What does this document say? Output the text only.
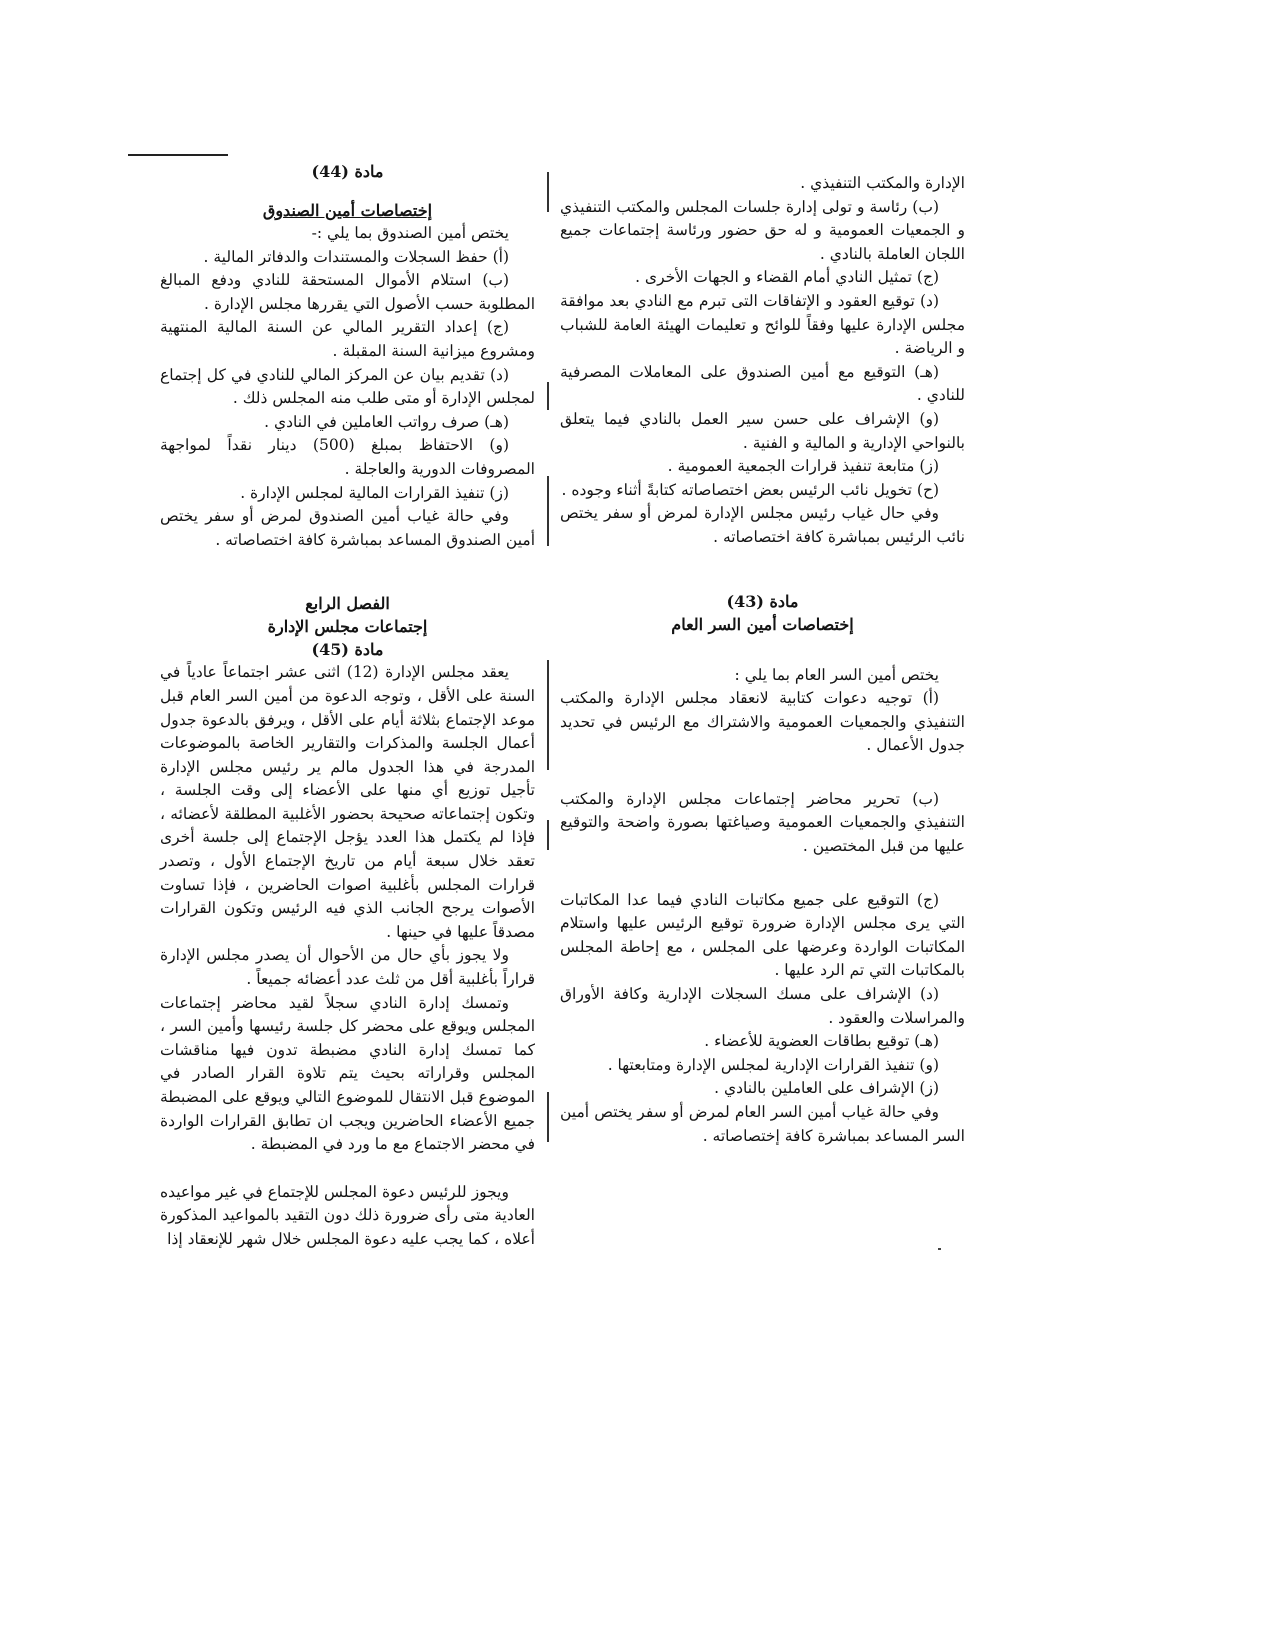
الإدارة والمكتب التنفيذي .

(ب) رئاسة و تولى إدارة جلسات المجلس والمكتب التنفيذي و الجمعيات العمومية و له حق حضور ورئاسة إجتماعات جميع اللجان العاملة بالنادي .

(ج) تمثيل النادي أمام القضاء و الجهات الأخرى .

(د) توقيع العقود و الإتفاقات التى تبرم مع النادي بعد موافقة مجلس الإدارة عليها وفقاً للوائح و تعليمات الهيئة العامة للشباب و الرياضة .

(هـ) التوقيع مع أمين الصندوق على المعاملات المصرفية للنادي .

(و) الإشراف على حسن سير العمل بالنادي فيما يتعلق بالنواحي الإدارية و المالية و الفنية .

(ز) متابعة تنفيذ قرارات الجمعية العمومية .

(ح) تخويل نائب الرئيس بعض اختصاصاته كتابةً أثناء وجوده .

وفي حال غياب رئيس مجلس الإدارة لمرض أو سفر يختص نائب الرئيس بمباشرة كافة اختصاصاته .

مادة (43)

إختصاصات أمين السر العام

يختص أمين السر العام بما يلي :

(أ) توجيه دعوات كتابية لانعقاد مجلس الإدارة والمكتب التنفيذي والجمعيات العمومية والاشتراك مع الرئيس في تحديد جدول الأعمال .

(ب) تحرير محاضر إجتماعات مجلس الإدارة والمكتب التنفيذي والجمعيات العمومية وصياغتها بصورة واضحة والتوقيع عليها من قبل المختصين .

(ج) التوقيع على جميع مكاتبات النادي فيما عدا المكاتبات التي يرى مجلس الإدارة ضرورة توقيع الرئيس عليها واستلام المكاتبات الواردة وعرضها على المجلس ، مع إحاطة المجلس بالمكاتبات التي تم الرد عليها .

(د) الإشراف على مسك السجلات الإدارية وكافة الأوراق والمراسلات والعقود .

(هـ) توقيع بطاقات العضوية للأعضاء .

(و) تنفيذ القرارات الإدارية لمجلس الإدارة ومتابعتها .

(ز) الإشراف على العاملين بالنادي .

وفي حالة غياب أمين السر العام لمرض أو سفر يختص أمين السر المساعد بمباشرة كافة إختصاصاته .

مادة (44)

إختصاصات أمين الصندوق

يختص أمين الصندوق بما يلي :-

(أ) حفظ السجلات والمستندات والدفاتر المالية .

(ب) استلام الأموال المستحقة للنادي ودفع المبالغ المطلوبة حسب الأصول التي يقررها مجلس الإدارة .

(ج) إعداد التقرير المالي عن السنة المالية المنتهية ومشروع ميزانية السنة المقبلة .

(د) تقديم بيان عن المركز المالي للنادي في كل إجتماع لمجلس الإدارة أو متى طلب منه المجلس ذلك .

(هـ) صرف رواتب العاملين في النادي .

(و) الاحتفاظ بمبلغ (500) دينار نقداً لمواجهة المصروفات الدورية والعاجلة .

(ز) تنفيذ القرارات المالية لمجلس الإدارة .

وفي حالة غياب أمين الصندوق لمرض أو سفر يختص أمين الصندوق المساعد بمباشرة كافة اختصاصاته .

الفصل الرابع

إجتماعات مجلس الإدارة

مادة (45)

يعقد مجلس الإدارة (12) اثنى عشر اجتماعاً عادياً في السنة على الأقل ، وتوجه الدعوة من أمين السر العام قبل موعد الإجتماع بثلاثة أيام على الأقل ، ويرفق بالدعوة جدول أعمال الجلسة والمذكرات والتقارير الخاصة بالموضوعات المدرجة في هذا الجدول مالم ير رئيس مجلس الإدارة تأجيل توزيع أي منها على الأعضاء إلى وقت الجلسة ، وتكون إجتماعاته صحيحة بحضور الأغلبية المطلقة لأعضائه ، فإذا لم يكتمل هذا العدد يؤجل الإجتماع إلى جلسة أخرى تعقد خلال سبعة أيام من تاريخ الإجتماع الأول ، وتصدر قرارات المجلس بأغلبية اصوات الحاضرين ، فإذا تساوت الأصوات يرجح الجانب الذي فيه الرئيس وتكون القرارات مصدقاً عليها في حينها .

ولا يجوز بأي حال من الأحوال أن يصدر مجلس الإدارة قراراً بأغلبية أقل من ثلث عدد أعضائه جميعاً .

وتمسك إدارة النادي سجلاً لقيد محاضر إجتماعات المجلس ويوقع على محضر كل جلسة رئيسها وأمين السر ، كما تمسك إدارة النادي مضبطة تدون فيها مناقشات المجلس وقراراته بحيث يتم تلاوة القرار الصادر في الموضوع قبل الانتقال للموضوع التالي ويوقع على المضبطة جميع الأعضاء الحاضرين ويجب ان تطابق القرارات الواردة في محضر الاجتماع مع ما ورد في المضبطة .

ويجوز للرئيس دعوة المجلس للإجتماع في غير مواعيده العادية متى رأى ضرورة ذلك دون التقيد بالمواعيد المذكورة أعلاه ، كما يجب عليه دعوة المجلس خلال شهر للإنعقاد إذا
